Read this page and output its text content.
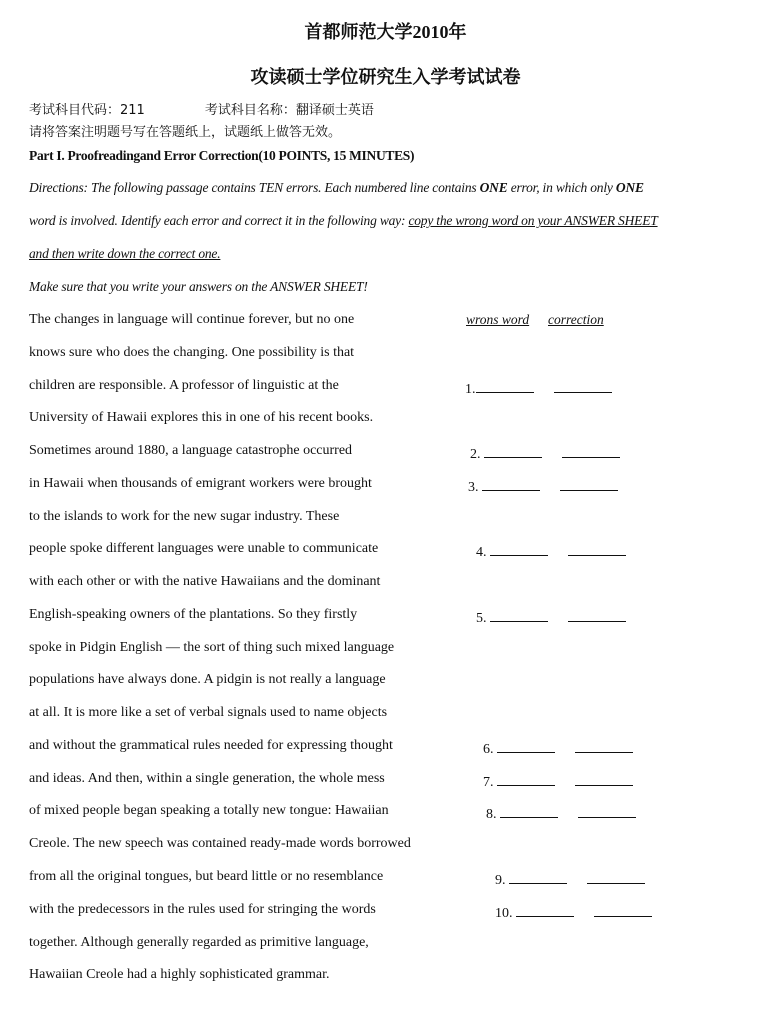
首都师范大学2010年
攻读硕士学位研究生入学考试试卷
考试科目代码：211	考试科目名称：翻译硕士英语
请将答案注明题号写在答题纸上，试题纸上做答无效。
Part I. Proofreadingand Error Correction(10 POINTS, 15 MINUTES)
Directions: The following passage contains TEN errors. Each numbered line contains ONE error, in which only ONE
word is involved. Identify each error and correct it in the following way: copy the wrong word on your ANSWER SHEET
and then write down the correct one.
Make sure that you write your answers on the ANSWER SHEET!
wrons word correction
The changes in language will continue forever, but no one
knows sure who does the changing. One possibility is that
children are responsible. A professor of linguistic at the
University of Hawaii explores this in one of his recent books.
Sometimes around 1880, a language catastrophe occurred
in Hawaii when thousands of emigrant workers were brought
to the islands to work for the new sugar industry. These
people spoke different languages were unable to communicate
with each other or with the native Hawaiians and the dominant
English-speaking owners of the plantations. So they firstly
spoke in Pidgin English — the sort of thing such mixed language
populations have always done. A pidgin is not really a language
at all. It is more like a set of verbal signals used to name objects
and without the grammatical rules needed for expressing thought
and ideas. And then, within a single generation, the whole mess
of mixed people began speaking a totally new tongue: Hawaiian
Creole. The new speech was contained ready-made words borrowed
from all the original tongues, but beard little or no resemblance
with the predecessors in the rules used for stringing the words
together. Although generally regarded as primitive language,
Hawaiian Creole had a highly sophisticated grammar.
1.
2.
3.
4.
5.
6.
7.
8.
9.
10.
